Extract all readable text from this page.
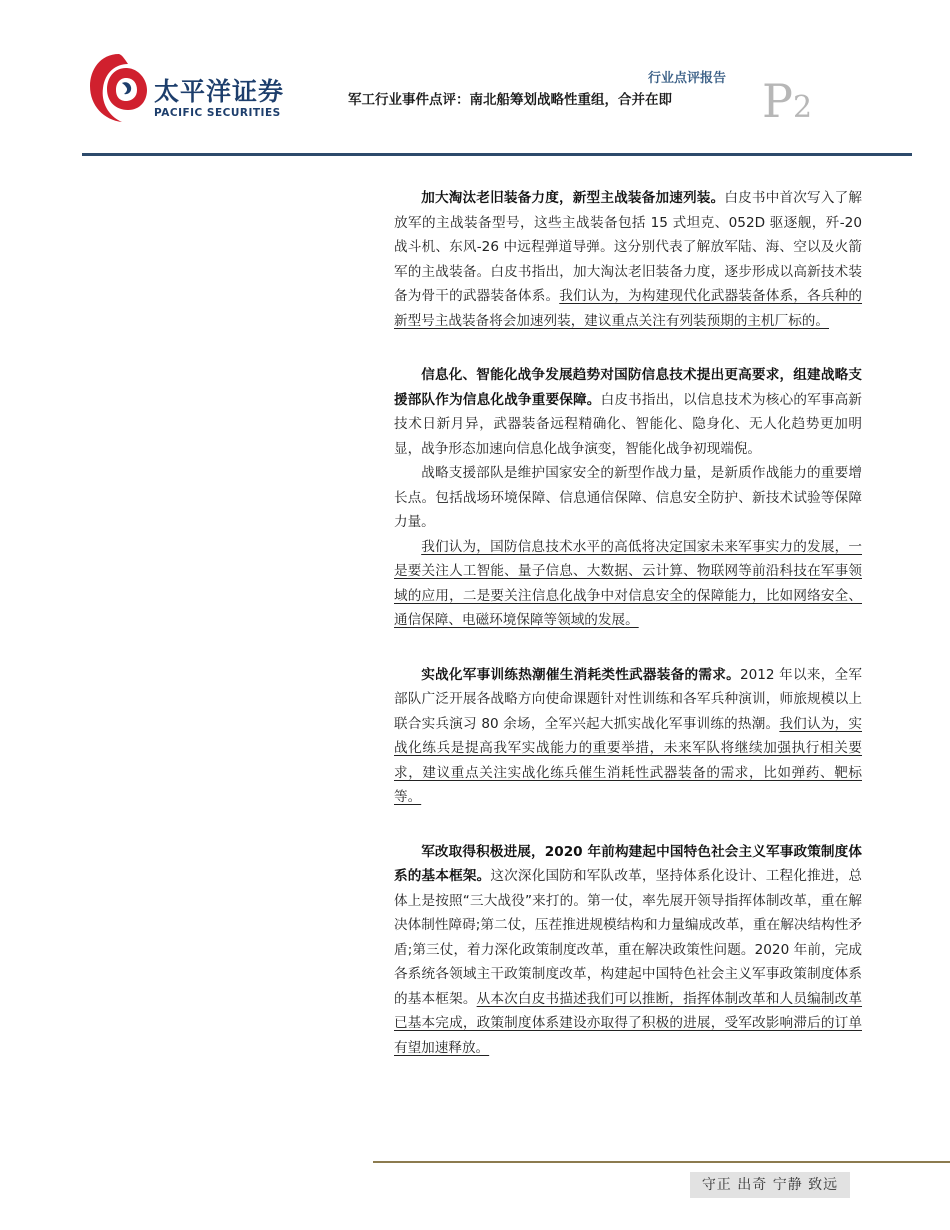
太平洋证券
PACIFIC SECURITIES
行业点评报告
军工行业事件点评：南北船筹划战略性重组，合并在即 P2

加大淘汰老旧装备力度，新型主战装备加速列装。白皮书中首次写入了解放军的主战装备型号，这些主战装备包括 15 式坦克、052D 驱逐舰，歼-20 战斗机、东风-26 中远程弹道导弹。这分别代表了解放军陆、海、空以及火箭军的主战装备。白皮书指出，加大淘汰老旧装备力度，逐步形成以高新技术装备为骨干的武器装备体系。我们认为，为构建现代化武器装备体系，各兵种的新型号主战装备将会加速列装，建议重点关注有列装预期的主机厂标的。

信息化、智能化战争发展趋势对国防信息技术提出更高要求，组建战略支援部队作为信息化战争重要保障。白皮书指出，以信息技术为核心的军事高新技术日新月异，武器装备远程精确化、智能化、隐身化、无人化趋势更加明显，战争形态加速向信息化战争演变，智能化战争初现端倪。

战略支援部队是维护国家安全的新型作战力量，是新质作战能力的重要增长点。包括战场环境保障、信息通信保障、信息安全防护、新技术试验等保障力量。

我们认为，国防信息技术水平的高低将决定国家未来军事实力的发展，一是要关注人工智能、量子信息、大数据、云计算、物联网等前沿科技在军事领域的应用，二是要关注信息化战争中对信息安全的保障能力，比如网络安全、通信保障、电磁环境保障等领域的发展。

实战化军事训练热潮催生消耗类性武器装备的需求。2012 年以来，全军部队广泛开展各战略方向使命课题针对性训练和各军兵种演训，师旅规模以上联合实兵演习 80 余场，全军兴起大抓实战化军事训练的热潮。我们认为，实战化练兵是提高我军实战能力的重要举措，未来军队将继续加强执行相关要求，建议重点关注实战化练兵催生消耗性武器装备的需求，比如弹药、靶标等。

军改取得积极进展，2020 年前构建起中国特色社会主义军事政策制度体系的基本框架。这次深化国防和军队改革，坚持体系化设计、工程化推进，总体上是按照“三大战役”来打的。第一仗，率先展开领导指挥体制改革，重在解决体制性障碍;第二仗，压茬推进规模结构和力量编成改革，重在解决结构性矛盾;第三仗，着力深化政策制度改革，重在解决政策性问题。2020 年前，完成各系统各领域主干政策制度改革，构建起中国特色社会主义军事政策制度体系的基本框架。从本次白皮书描述我们可以推断，指挥体制改革和人员编制改革已基本完成，政策制度体系建设亦取得了积极的进展，受军改影响滞后的订单有望加速释放。

守正 出奇 宁静 致远
